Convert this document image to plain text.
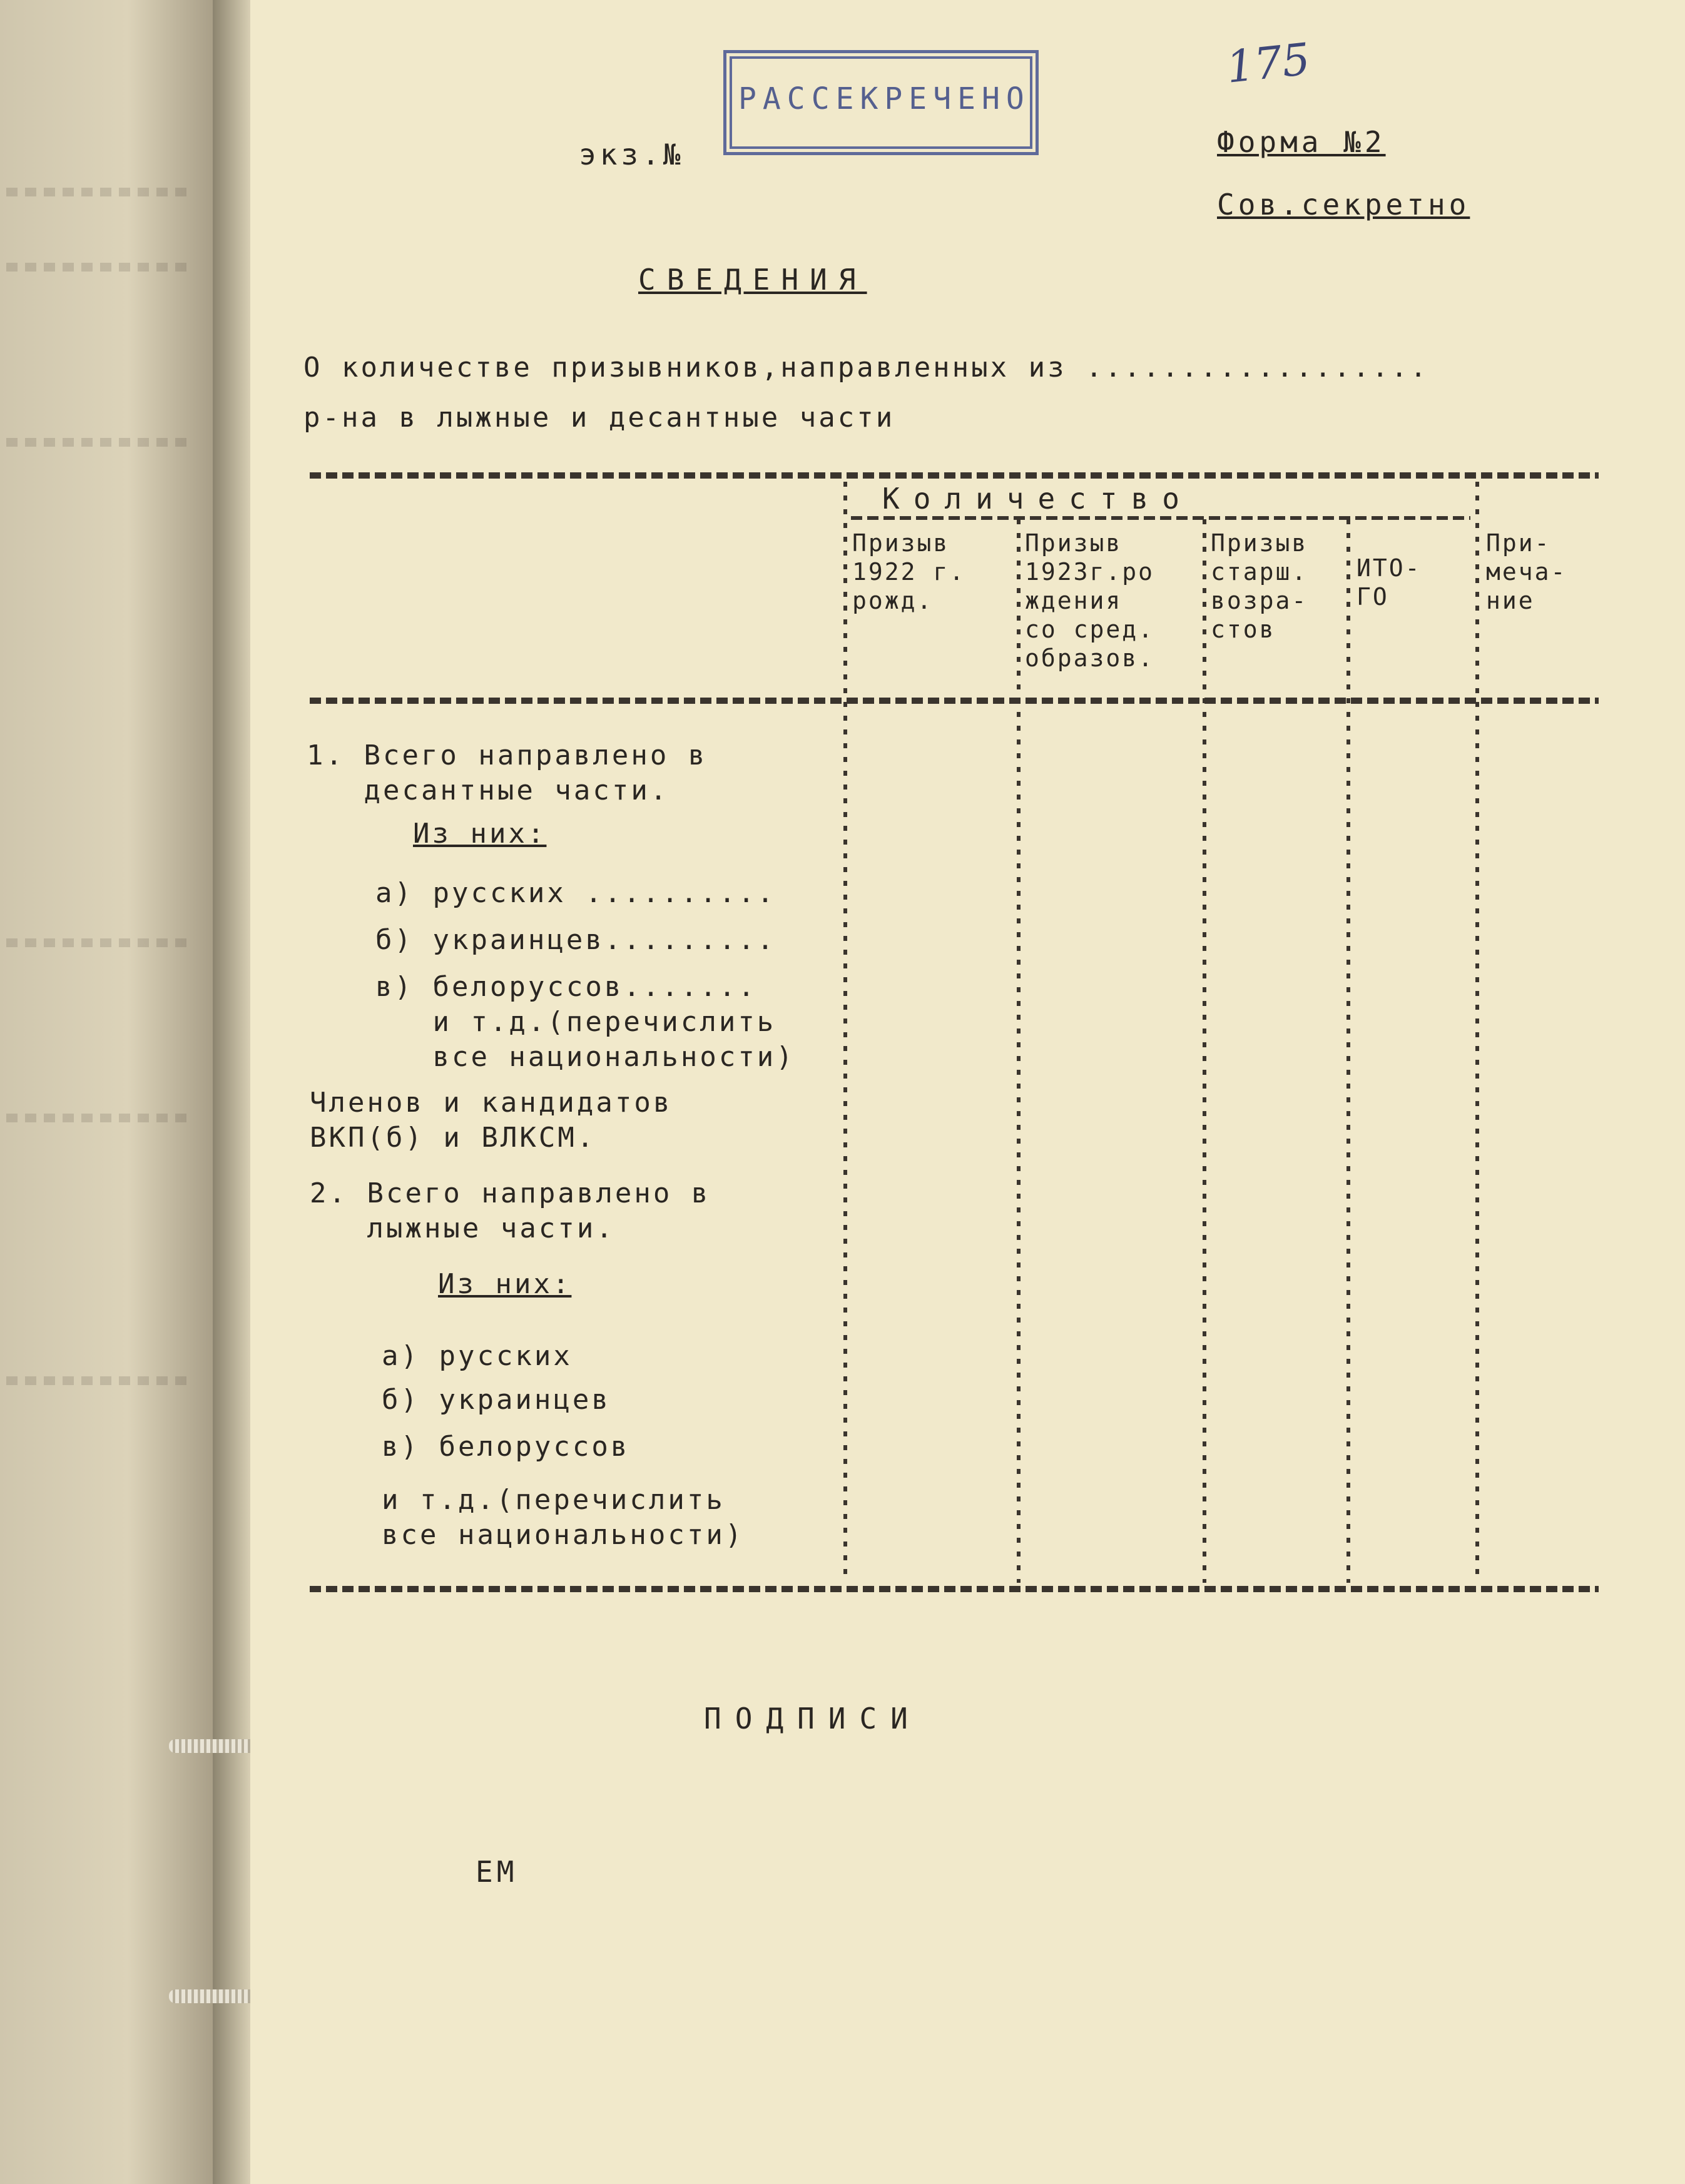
экз.№
РАССЕКРЕЧЕНО
175
Форма №2
Сов.секретно
СВЕДЕНИЯ
О количестве призывников,направленных из ..................
р-на в лыжные и десантные части
Количество
Призыв
1922 г.
рожд.
Призыв
1923г.ро
ждения
со сред.
образов.
Призыв
старш.
возра-
стов
ИТО-
ГО
При-
меча-
ние
1. Всего направлено в
десантные части.
Из них:
а) русских ..........
б) украинцев.........
в) белоруссов.......
и т.д.(перечислить
все национальности)
Членов и кандидатов
ВКП(б) и ВЛКСМ.
2. Всего направлено в
лыжные части.
Из них:
а) русских
б) украинцев
в) белоруссов
и т.д.(перечислить
все национальности)
ПОДПИСИ
ЕМ
